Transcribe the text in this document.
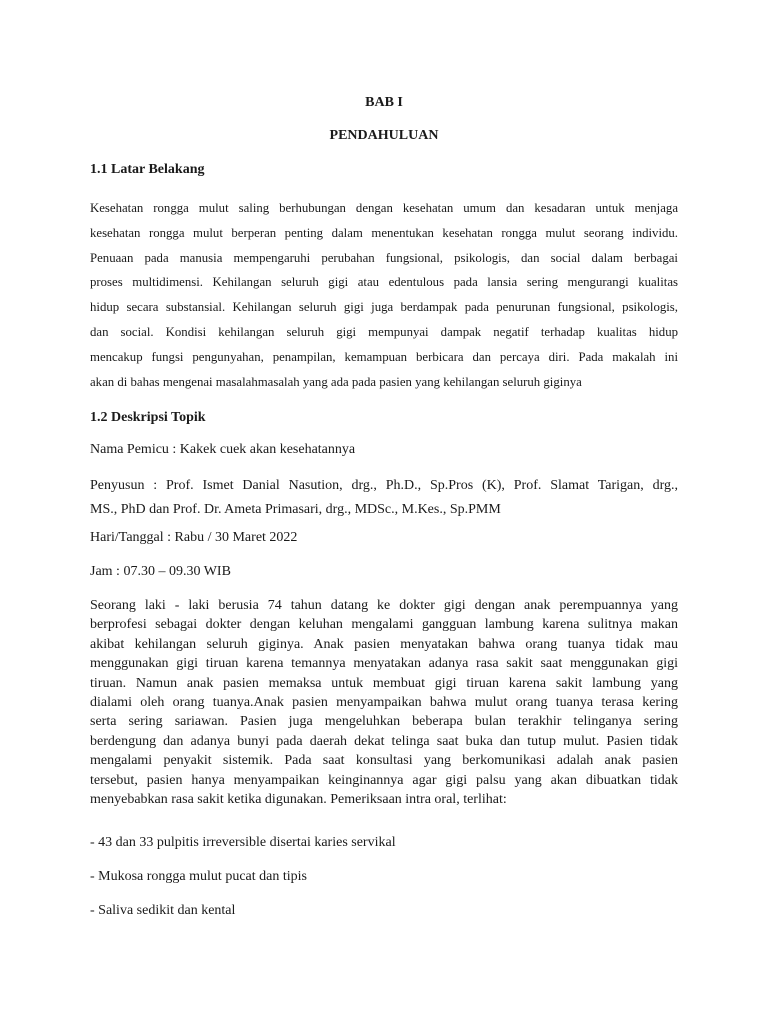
BAB I
PENDAHULUAN
1.1 Latar Belakang
Kesehatan rongga mulut saling berhubungan dengan kesehatan umum dan kesadaran untuk menjaga
kesehatan rongga mulut berperan penting dalam menentukan kesehatan rongga mulut seorang individu.
Penuaan pada manusia mempengaruhi perubahan fungsional, psikologis, dan social dalam berbagai
proses multidimensi. Kehilangan seluruh gigi atau edentulous pada lansia sering mengurangi kualitas
hidup secara substansial. Kehilangan seluruh gigi juga berdampak pada penurunan fungsional, psikologis,
dan social. Kondisi kehilangan seluruh gigi mempunyai dampak negatif terhadap kualitas hidup
mencakup fungsi pengunyahan, penampilan, kemampuan berbicara dan percaya diri. Pada makalah ini
akan di bahas mengenai masalahmasalah yang ada pada pasien yang kehilangan seluruh giginya
1.2 Deskripsi Topik
Nama Pemicu : Kakek cuek akan kesehatannya
Penyusun : Prof. Ismet Danial Nasution, drg., Ph.D., Sp.Pros (K), Prof. Slamat Tarigan, drg.,
MS., PhD dan Prof. Dr. Ameta Primasari, drg., MDSc., M.Kes., Sp.PMM
Hari/Tanggal : Rabu / 30 Maret 2022
Jam : 07.30 – 09.30 WIB
Seorang laki - laki berusia 74 tahun datang ke dokter gigi dengan anak perempuannya yang
berprofesi sebagai dokter dengan keluhan mengalami gangguan lambung karena sulitnya makan
akibat kehilangan seluruh giginya. Anak pasien menyatakan bahwa orang tuanya tidak mau
menggunakan gigi tiruan karena temannya menyatakan adanya rasa sakit saat menggunakan gigi
tiruan. Namun anak pasien memaksa untuk membuat gigi tiruan karena sakit lambung yang
dialami oleh orang tuanya.Anak pasien menyampaikan bahwa mulut orang tuanya terasa kering
serta sering sariawan. Pasien juga mengeluhkan beberapa bulan terakhir telinganya sering
berdengung dan adanya bunyi pada daerah dekat telinga saat buka dan tutup mulut. Pasien tidak
mengalami penyakit sistemik. Pada saat konsultasi yang berkomunikasi adalah anak pasien
tersebut, pasien hanya menyampaikan keinginannya agar gigi palsu yang akan dibuatkan tidak
menyebabkan rasa sakit ketika digunakan. Pemeriksaan intra oral, terlihat:
- 43 dan 33 pulpitis irreversible disertai karies servikal
- Mukosa rongga mulut pucat dan tipis
- Saliva sedikit dan kental
